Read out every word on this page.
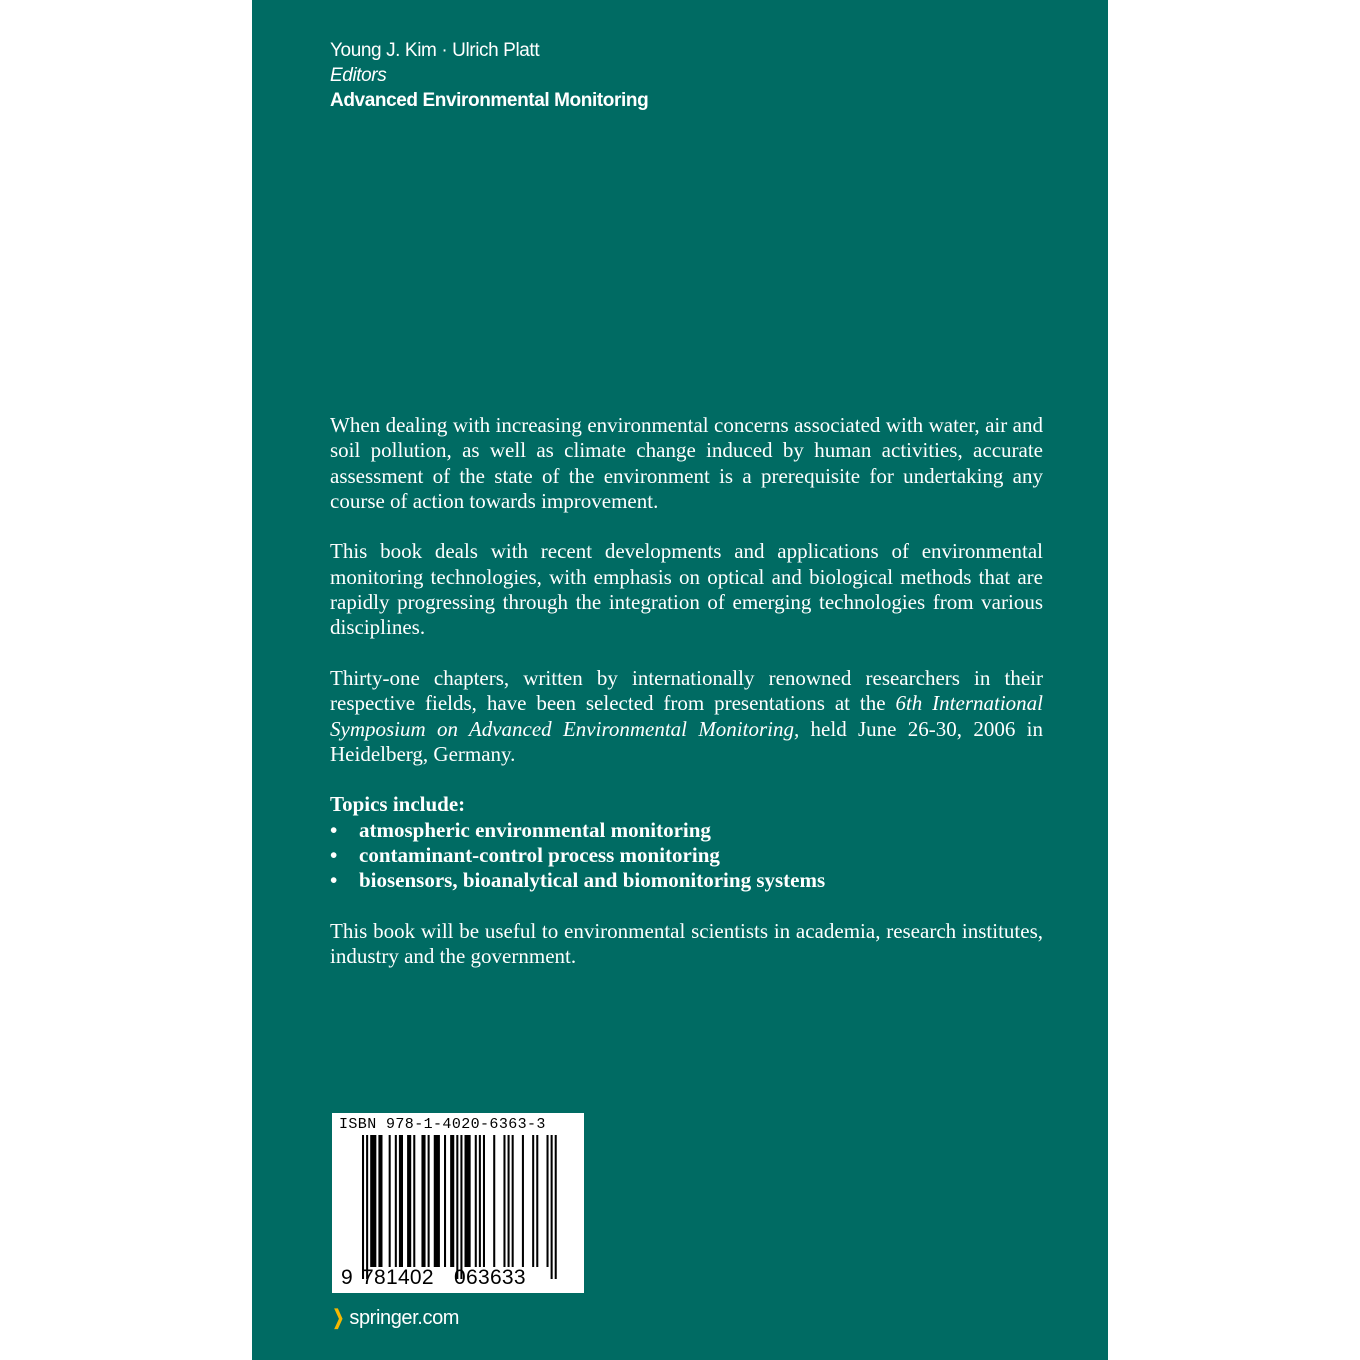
Young J. Kim · Ulrich Platt
Editors
Advanced Environmental Monitoring

When dealing with increasing environmental concerns associated with water, air and soil pollution, as well as climate change induced by human activities, accurate assessment of the state of the environment is a prerequisite for undertaking any course of action towards improvement.

This book deals with recent developments and applications of environmental monitoring technologies, with emphasis on optical and biological methods that are rapidly progressing through the integration of emerging technologies from various disciplines.

Thirty-one chapters, written by internationally renowned researchers in their respective fields, have been selected from presentations at the 6th International Symposium on Advanced Environmental Monitoring, held June 26-30, 2006 in Heidelberg, Germany.

Topics include:
• atmospheric environmental monitoring
• contaminant-control process monitoring
• biosensors, bioanalytical and biomonitoring systems

This book will be useful to environmental scientists in academia, research institutes, industry and the government.

ISBN 978-1-4020-6363-3
9 781402 063633
❯ springer.com
